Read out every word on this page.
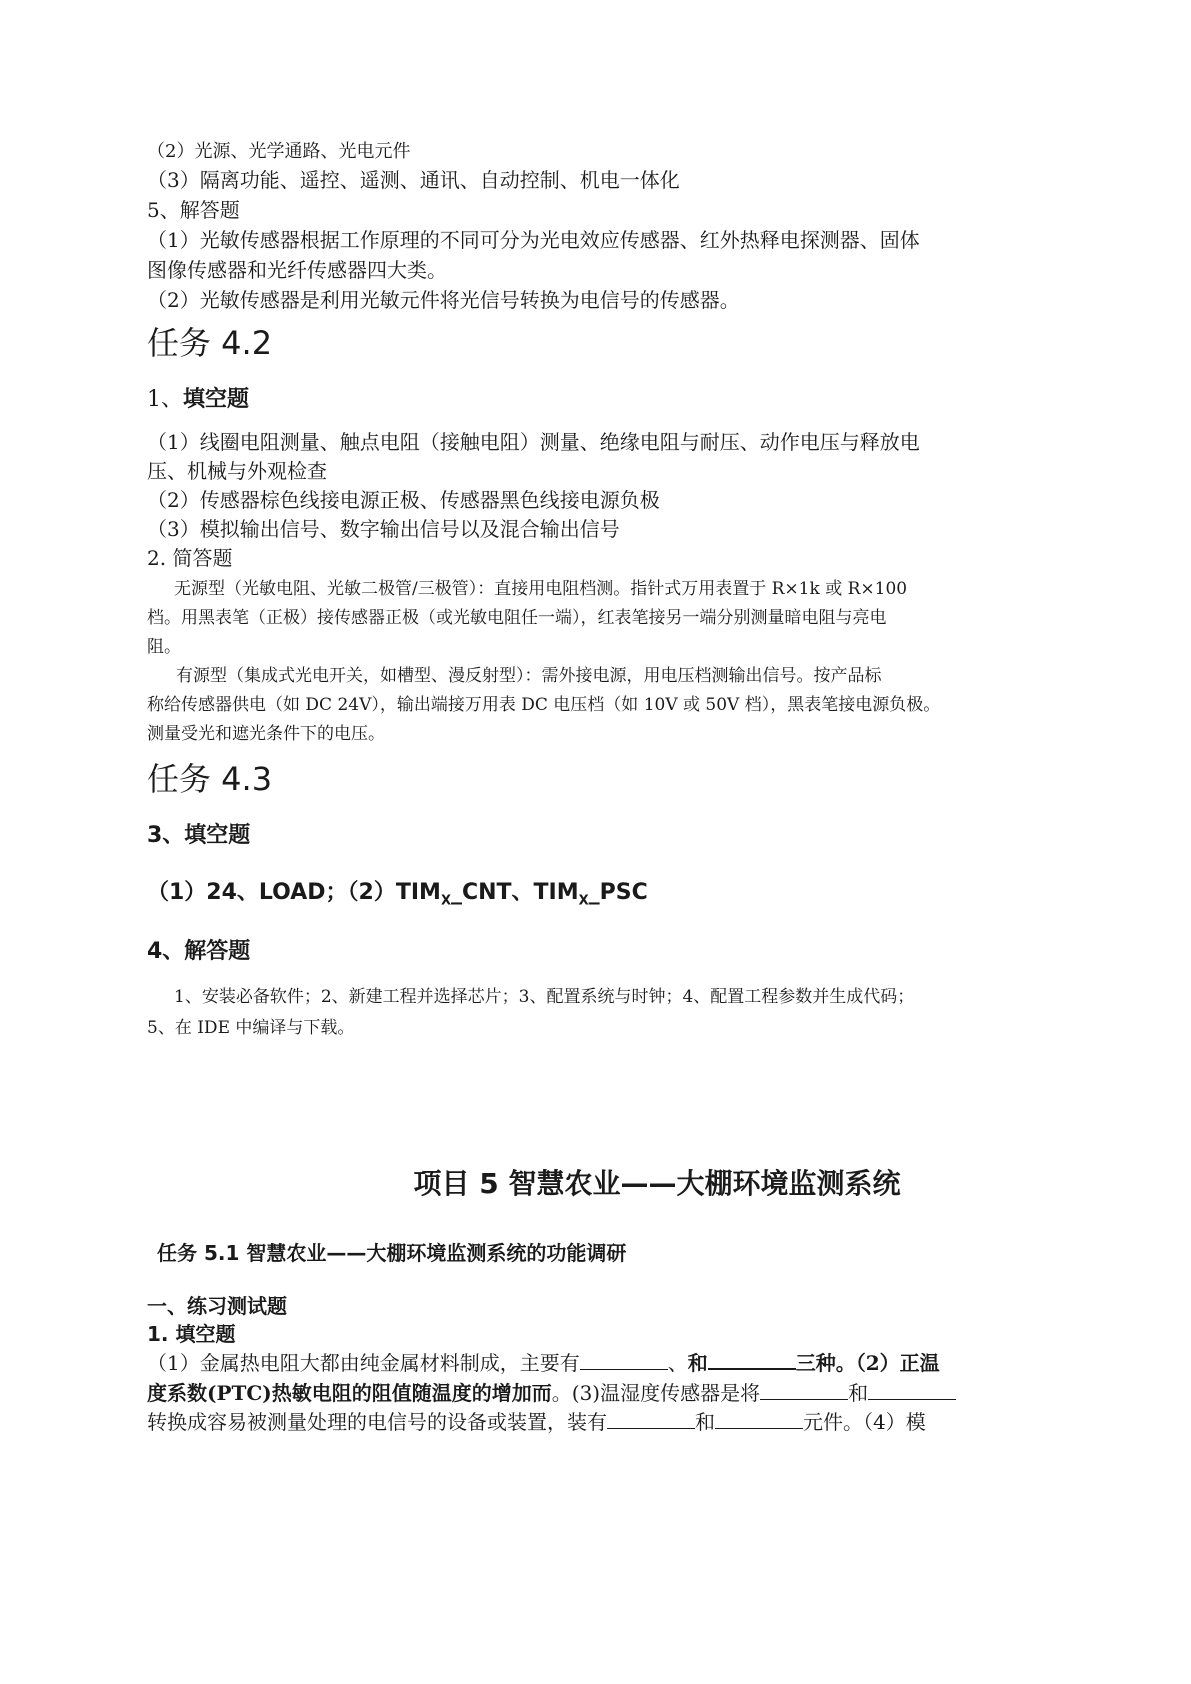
（2）光源、光学通路、光电元件
（3）隔离功能、遥控、遥测、通讯、自动控制、机电一体化
5、解答题
（1）光敏传感器根据工作原理的不同可分为光电效应传感器、红外热释电探测器、固体
图像传感器和光纤传感器四大类。
（2）光敏传感器是利用光敏元件将光信号转换为电信号的传感器。
任务 4.2
1、填空题
（1）线圈电阻测量、触点电阻（接触电阻）测量、绝缘电阻与耐压、动作电压与释放电
压、机械与外观检查
（2）传感器棕色线接电源正极、传感器黑色线接电源负极
（3）模拟输出信号、数字输出信号以及混合输出信号
2. 简答题
无源型（光敏电阻、光敏二极管/三极管）：直接用电阻档测。指针式万用表置于 R×1k 或 R×100
档。用黑表笔（正极）接传感器正极（或光敏电阻任一端），红表笔接另一端分别测量暗电阻与亮电
阻。
有源型（集成式光电开关，如槽型、漫反射型）：需外接电源，用电压档测输出信号。按产品标
称给传感器供电（如 DC 24V），输出端接万用表 DC 电压档（如 10V 或 50V 档），黑表笔接电源负极。
测量受光和遮光条件下的电压。
任务 4.3
3、填空题
（1）24、LOAD；$(2)TIM_X\_CNT$、$TIM_X\_PSC$
4、解答题
1、安装必备软件；2、新建工程并选择芯片；3、配置系统与时钟；4、配置工程参数并生成代码；
5、在 IDE 中编译与下载。
项目 5 智慧农业——大棚环境监测系统
任务 5.1 智慧农业——大棚环境监测系统的功能调研
一、练习测试题
1. 填空题
（1）金属热电阻大都由纯金属材料制成，主要有	、和	三种。（2）正温
度系数(PTC)热敏电阻的阻值随温度的增加而。(3)温湿度传感器是将	和
转换成容易被测量处理的电信号的设备或装置，装有	和	元件。（4）模
